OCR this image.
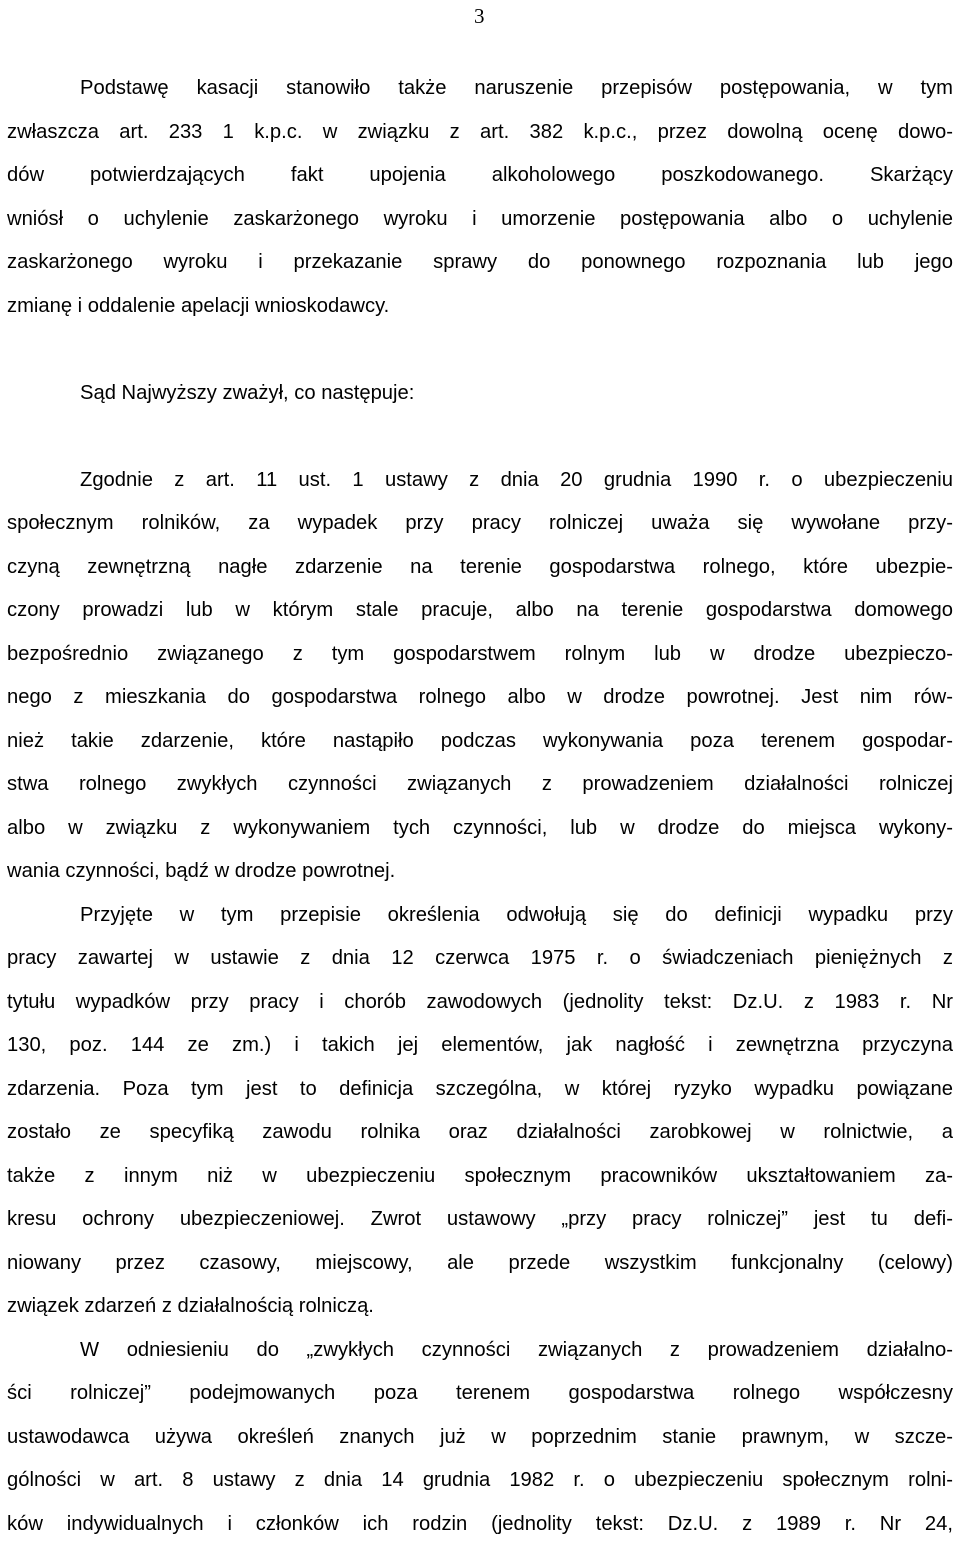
3
Podstawę kasacji stanowiło także naruszenie przepisów postępowania, w tym
zwłaszcza art. 233 1 k.p.c. w związku z art. 382 k.p.c., przez dowolną ocenę dowo-
dów potwierdzających fakt upojenia alkoholowego poszkodowanego. Skarżący
wniósł o uchylenie zaskarżonego wyroku i umorzenie postępowania albo o uchylenie
zaskarżonego wyroku i przekazanie sprawy do ponownego rozpoznania lub jego
zmianę i oddalenie apelacji wnioskodawcy.
Sąd Najwyższy zważył, co następuje:
Zgodnie z art. 11 ust. 1 ustawy z dnia 20 grudnia 1990 r. o ubezpieczeniu
społecznym rolników, za wypadek przy pracy rolniczej uważa się wywołane przy-
czyną zewnętrzną nagłe zdarzenie na terenie gospodarstwa rolnego, które ubezpie-
czony prowadzi lub w którym stale pracuje, albo na terenie gospodarstwa domowego
bezpośrednio związanego z tym gospodarstwem rolnym lub w drodze ubezpieczo-
nego z mieszkania do gospodarstwa rolnego albo w drodze powrotnej. Jest nim rów-
nież takie zdarzenie, które nastąpiło podczas wykonywania poza terenem gospodar-
stwa rolnego zwykłych czynności związanych z prowadzeniem działalności rolniczej
albo w związku z wykonywaniem tych czynności, lub w drodze do miejsca wykony-
wania czynności, bądź w drodze powrotnej.
Przyjęte w tym przepisie określenia odwołują się do definicji wypadku przy
pracy zawartej w ustawie z dnia 12 czerwca 1975 r. o świadczeniach pieniężnych z
tytułu wypadków przy pracy i chorób zawodowych (jednolity tekst: Dz.U. z 1983 r. Nr
130, poz. 144 ze zm.) i takich jej elementów, jak nagłość i zewnętrzna przyczyna
zdarzenia. Poza tym jest to definicja szczególna, w której ryzyko wypadku powiązane
zostało ze specyfiką zawodu rolnika oraz działalności zarobkowej w rolnictwie, a
także z innym niż w ubezpieczeniu społecznym pracowników ukształtowaniem za-
kresu ochrony ubezpieczeniowej. Zwrot ustawowy „przy pracy rolniczej” jest tu defi-
niowany przez czasowy, miejscowy, ale przede wszystkim funkcjonalny (celowy)
związek zdarzeń z działalnością rolniczą.
W odniesieniu do „zwykłych czynności związanych z prowadzeniem działalno-
ści rolniczej” podejmowanych poza terenem gospodarstwa rolnego współczesny
ustawodawca używa określeń znanych już w poprzednim stanie prawnym, w szcze-
gólności w art. 8 ustawy z dnia 14 grudnia 1982 r. o ubezpieczeniu społecznym rolni-
ków indywidualnych i członków ich rodzin (jednolity tekst: Dz.U. z 1989 r. Nr 24,
